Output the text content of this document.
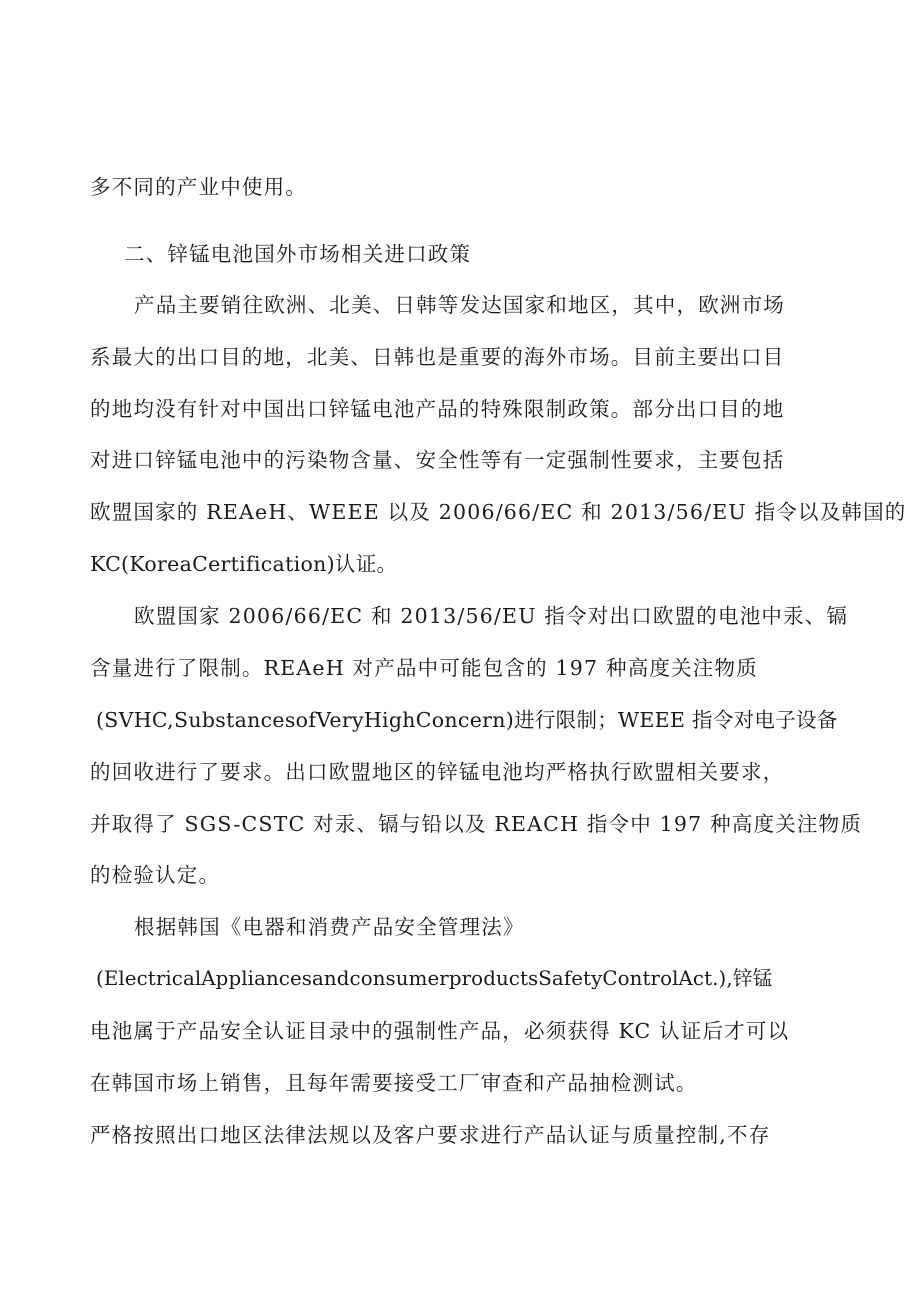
多不同的产业中使用。
二、锌锰电池国外市场相关进口政策
产品主要销往欧洲、北美、日韩等发达国家和地区，其中，欧洲市场
系最大的出口目的地，北美、日韩也是重要的海外市场。目前主要出口目
的地均没有针对中国出口锌锰电池产品的特殊限制政策。部分出口目的地
对进口锌锰电池中的污染物含量、安全性等有一定强制性要求，主要包括
欧盟国家的 REAeH、WEEE 以及 2006/66/EC 和 2013/56/EU 指令以及韩国的
KC(KoreaCertification)认证。
欧盟国家 2006/66/EC 和 2013/56/EU 指令对出口欧盟的电池中汞、镉
含量进行了限制。REAeH 对产品中可能包含的 197 种高度关注物质
(SVHC,SubstancesofVeryHighConcern)进行限制；WEEE 指令对电子设备
的回收进行了要求。出口欧盟地区的锌锰电池均严格执行欧盟相关要求，
并取得了 SGS-CSTC 对汞、镉与铅以及 REACH 指令中 197 种高度关注物质
的检验认定。
根据韩国《电器和消费产品安全管理法》
(ElectricalAppliancesandconsumerproductsSafetyControlAct.),锌锰
电池属于产品安全认证目录中的强制性产品，必须获得 KC 认证后才可以
在韩国市场上销售，且每年需要接受工厂审查和产品抽检测试。
严格按照出口地区法律法规以及客户要求进行产品认证与质量控制,不存
